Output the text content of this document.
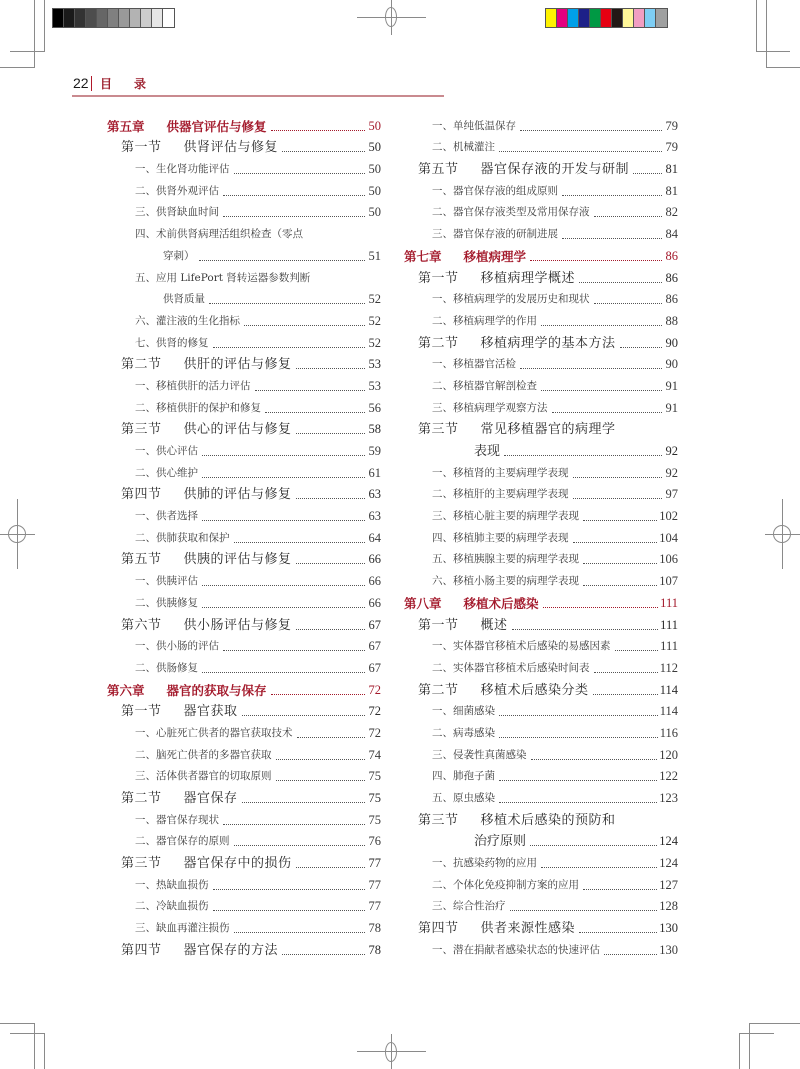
22 目录
第五章 供器官评估与修复	50
第一节 供肾评估与修复	50
一、生化肾功能评估	50
二、供肾外观评估	50
三、供肾缺血时间	50
四、术前供肾病理活组织检查（零点
穿刺）	51
五、应用 LifePort 肾转运器参数判断
供肾质量	52
六、灌注液的生化指标	52
七、供肾的修复	52
第二节 供肝的评估与修复	53
一、移植供肝的活力评估	53
二、移植供肝的保护和修复	56
第三节 供心的评估与修复	58
一、供心评估	59
二、供心维护	61
第四节 供肺的评估与修复	63
一、供者选择	63
二、供肺获取和保护	64
第五节 供胰的评估与修复	66
一、供胰评估	66
二、供胰修复	66
第六节 供小肠评估与修复	67
一、供小肠的评估	67
二、供肠修复	67
第六章 器官的获取与保存	72
第一节 器官获取	72
一、心脏死亡供者的器官获取技术	72
二、脑死亡供者的多器官获取	74
三、活体供者器官的切取原则	75
第二节 器官保存	75
一、器官保存现状	75
二、器官保存的原则	76
第三节 器官保存中的损伤	77
一、热缺血损伤	77
二、冷缺血损伤	77
三、缺血再灌注损伤	78
第四节 器官保存的方法	78
一、单纯低温保存	79
二、机械灌注	79
第五节 器官保存液的开发与研制	81
一、器官保存液的组成原则	81
二、器官保存液类型及常用保存液	82
三、器官保存液的研制进展	84
第七章 移植病理学	86
第一节 移植病理学概述	86
一、移植病理学的发展历史和现状	86
二、移植病理学的作用	88
第二节 移植病理学的基本方法	90
一、移植器官活检	90
二、移植器官解剖检查	91
三、移植病理学观察方法	91
第三节 常见移植器官的病理学
表现	92
一、移植肾的主要病理学表现	92
二、移植肝的主要病理学表现	97
三、移植心脏主要的病理学表现	102
四、移植肺主要的病理学表现	104
五、移植胰腺主要的病理学表现	106
六、移植小肠主要的病理学表现	107
第八章 移植术后感染	111
第一节 概述	111
一、实体器官移植术后感染的易感因素	111
二、实体器官移植术后感染时间表	112
第二节 移植术后感染分类	114
一、细菌感染	114
二、病毒感染	116
三、侵袭性真菌感染	120
四、肺孢子菌	122
五、原虫感染	123
第三节 移植术后感染的预防和
治疗原则	124
一、抗感染药物的应用	124
二、个体化免疫抑制方案的应用	127
三、综合性治疗	128
第四节 供者来源性感染	130
一、潜在捐献者感染状态的快速评估	130
